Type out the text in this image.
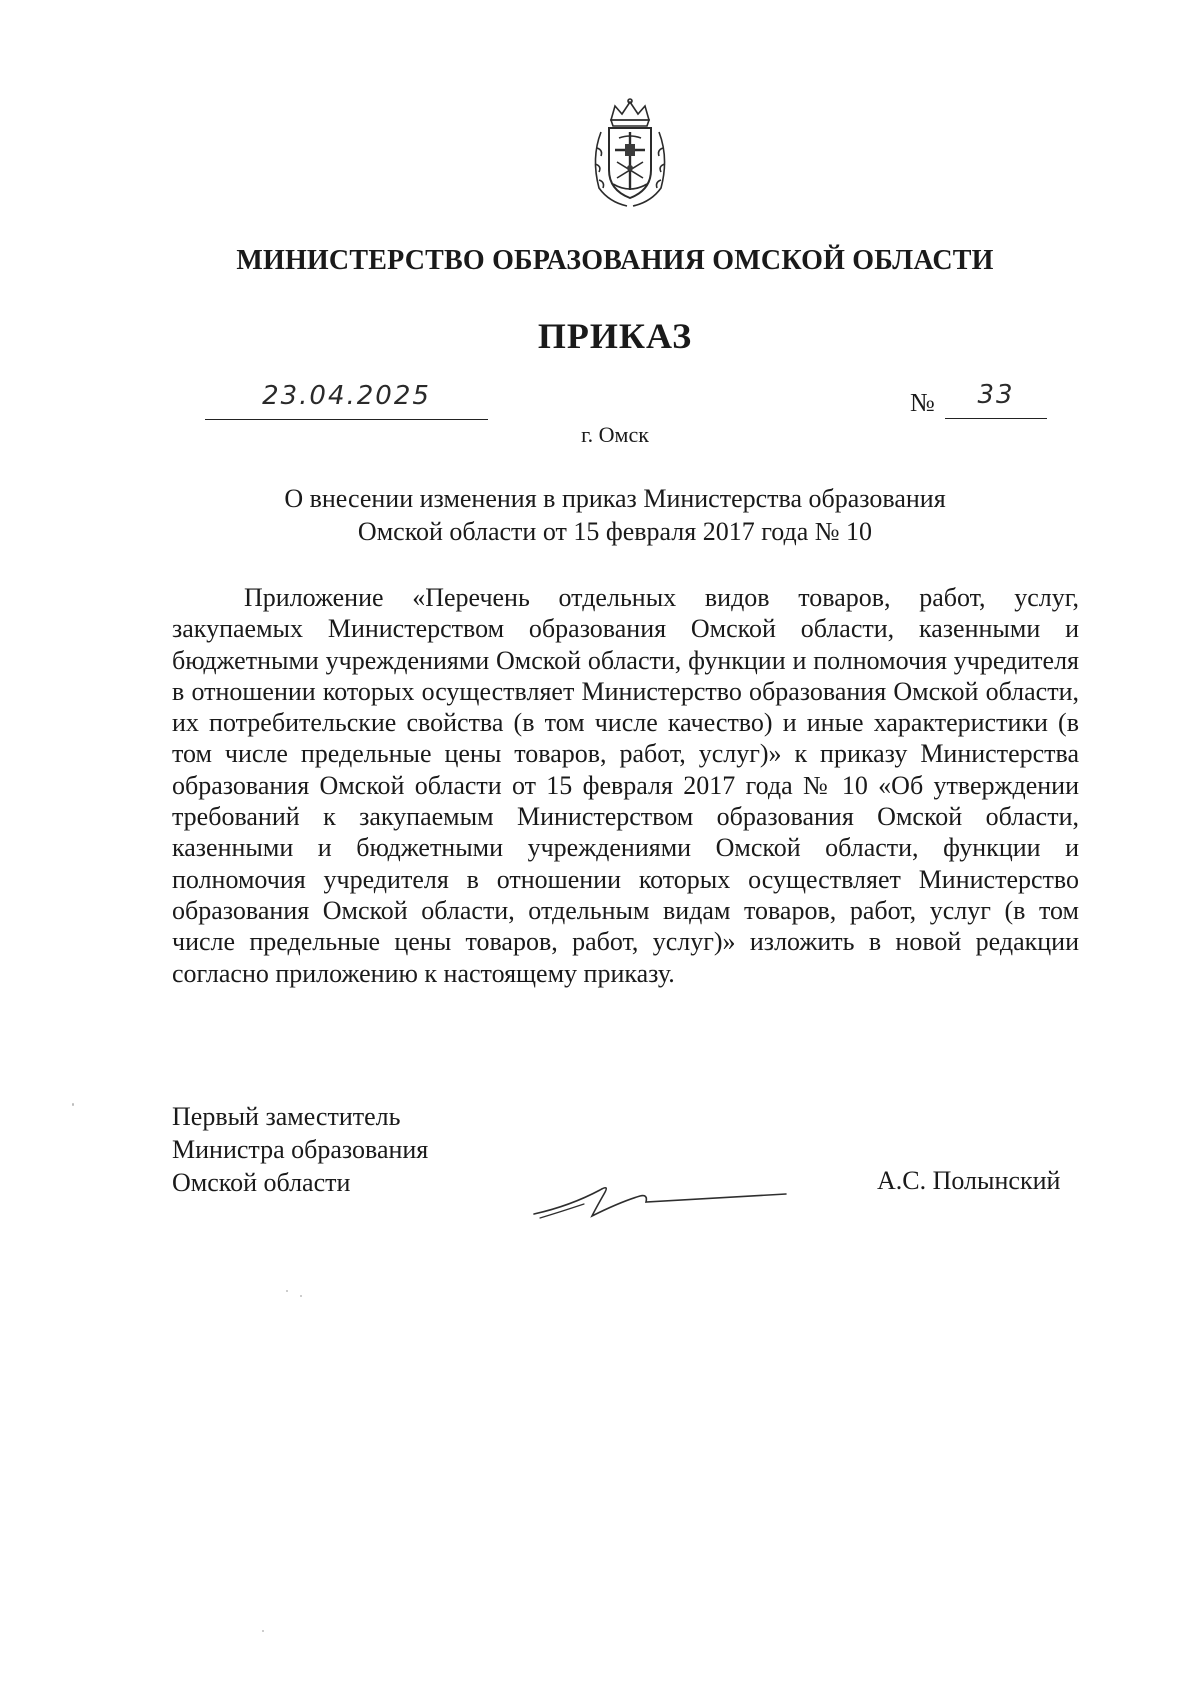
МИНИСТЕРСТВО ОБРАЗОВАНИЯ ОМСКОЙ ОБЛАСТИ
ПРИКАЗ
23.04.2025	№	33
г. Омск
О внесении изменения в приказ Министерства образования
Омской области от 15 февраля 2017 года № 10

Приложение «Перечень отдельных видов товаров, работ, услуг, закупаемых Министерством образования Омской области, казенными и бюджетными учреждениями Омской области, функции и полномочия учредителя в отношении которых осуществляет Министерство образования Омской области, их потребительские свойства (в том числе качество) и иные характеристики (в том числе предельные цены товаров, работ, услуг)» к приказу Министерства образования Омской области от 15 февраля 2017 года № 10 «Об утверждении требований к закупаемым Министерством образования Омской области, казенными и бюджетными учреждениями Омской области, функции и полномочия учредителя в отношении которых осуществляет Министерство образования Омской области, отдельным видам товаров, работ, услуг (в том числе предельные цены товаров, работ, услуг)» изложить в новой редакции согласно приложению к настоящему приказу.

Первый заместитель
Министра образования
Омской области	А.С. Полынский
